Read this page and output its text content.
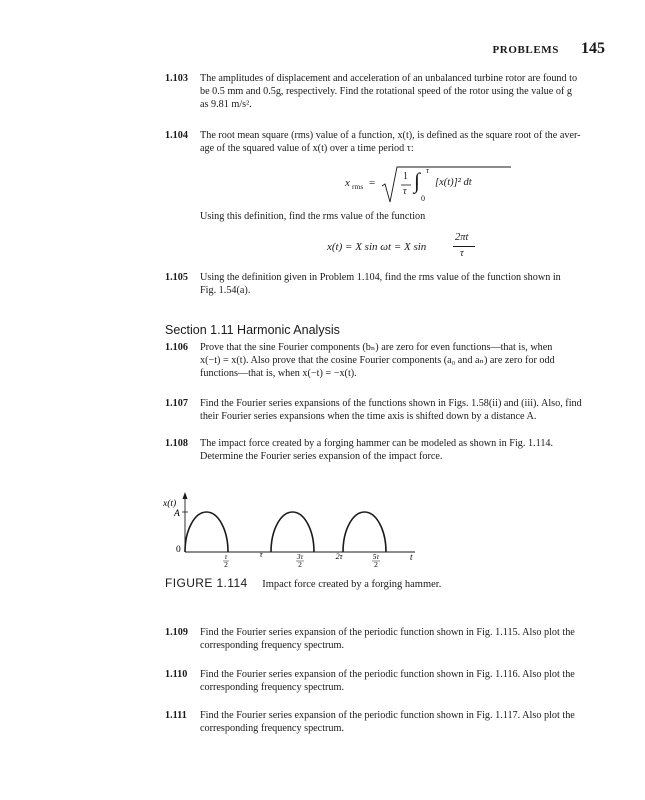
PROBLEMS 145
1.103 The amplitudes of displacement and acceleration of an unbalanced turbine rotor are found to
be 0.5 mm and 0.5g, respectively. Find the rotational speed of the rotor using the value of g
as 9.81 m/s².
1.104 The root mean square (rms) value of a function, x(t), is defined as the square root of the aver-
age of the squared value of x(t) over a time period τ:
x rms =
1
τ ∫ τ
0
[x(t)]² dt
Using this definition, find the rms value of the function
x(t) = X sin ωt = X sin
2πt
τ
1.105 Using the definition given in Problem 1.104, find the rms value of the function shown in
Fig. 1.54(a).
Section 1.11 Harmonic Analysis
1.106 Prove that the sine Fourier components (bₙ) are zero for even functions—that is, when
x(−t) = x(t). Also prove that the cosine Fourier components (a₀ and aₙ) are zero for odd
functions—that is, when x(−t) = −x(t).
1.107 Find the Fourier series expansions of the functions shown in Figs. 1.58(ii) and (iii). Also, find
their Fourier series expansions when the time axis is shifted down by a distance A.
1.108 The impact force created by a forging hammer can be modeled as shown in Fig. 1.114.
Determine the Fourier series expansion of the impact force.
x(t)
A
0
τ
2
τ	3τ
2
2τ	5τ
2
t
FIGURE 1.114 Impact force created by a forging hammer.
1.109 Find the Fourier series expansion of the periodic function shown in Fig. 1.115. Also plot the
corresponding frequency spectrum.
1.110 Find the Fourier series expansion of the periodic function shown in Fig. 1.116. Also plot the
corresponding frequency spectrum.
1.111 Find the Fourier series expansion of the periodic function shown in Fig. 1.117. Also plot the
corresponding frequency spectrum.
